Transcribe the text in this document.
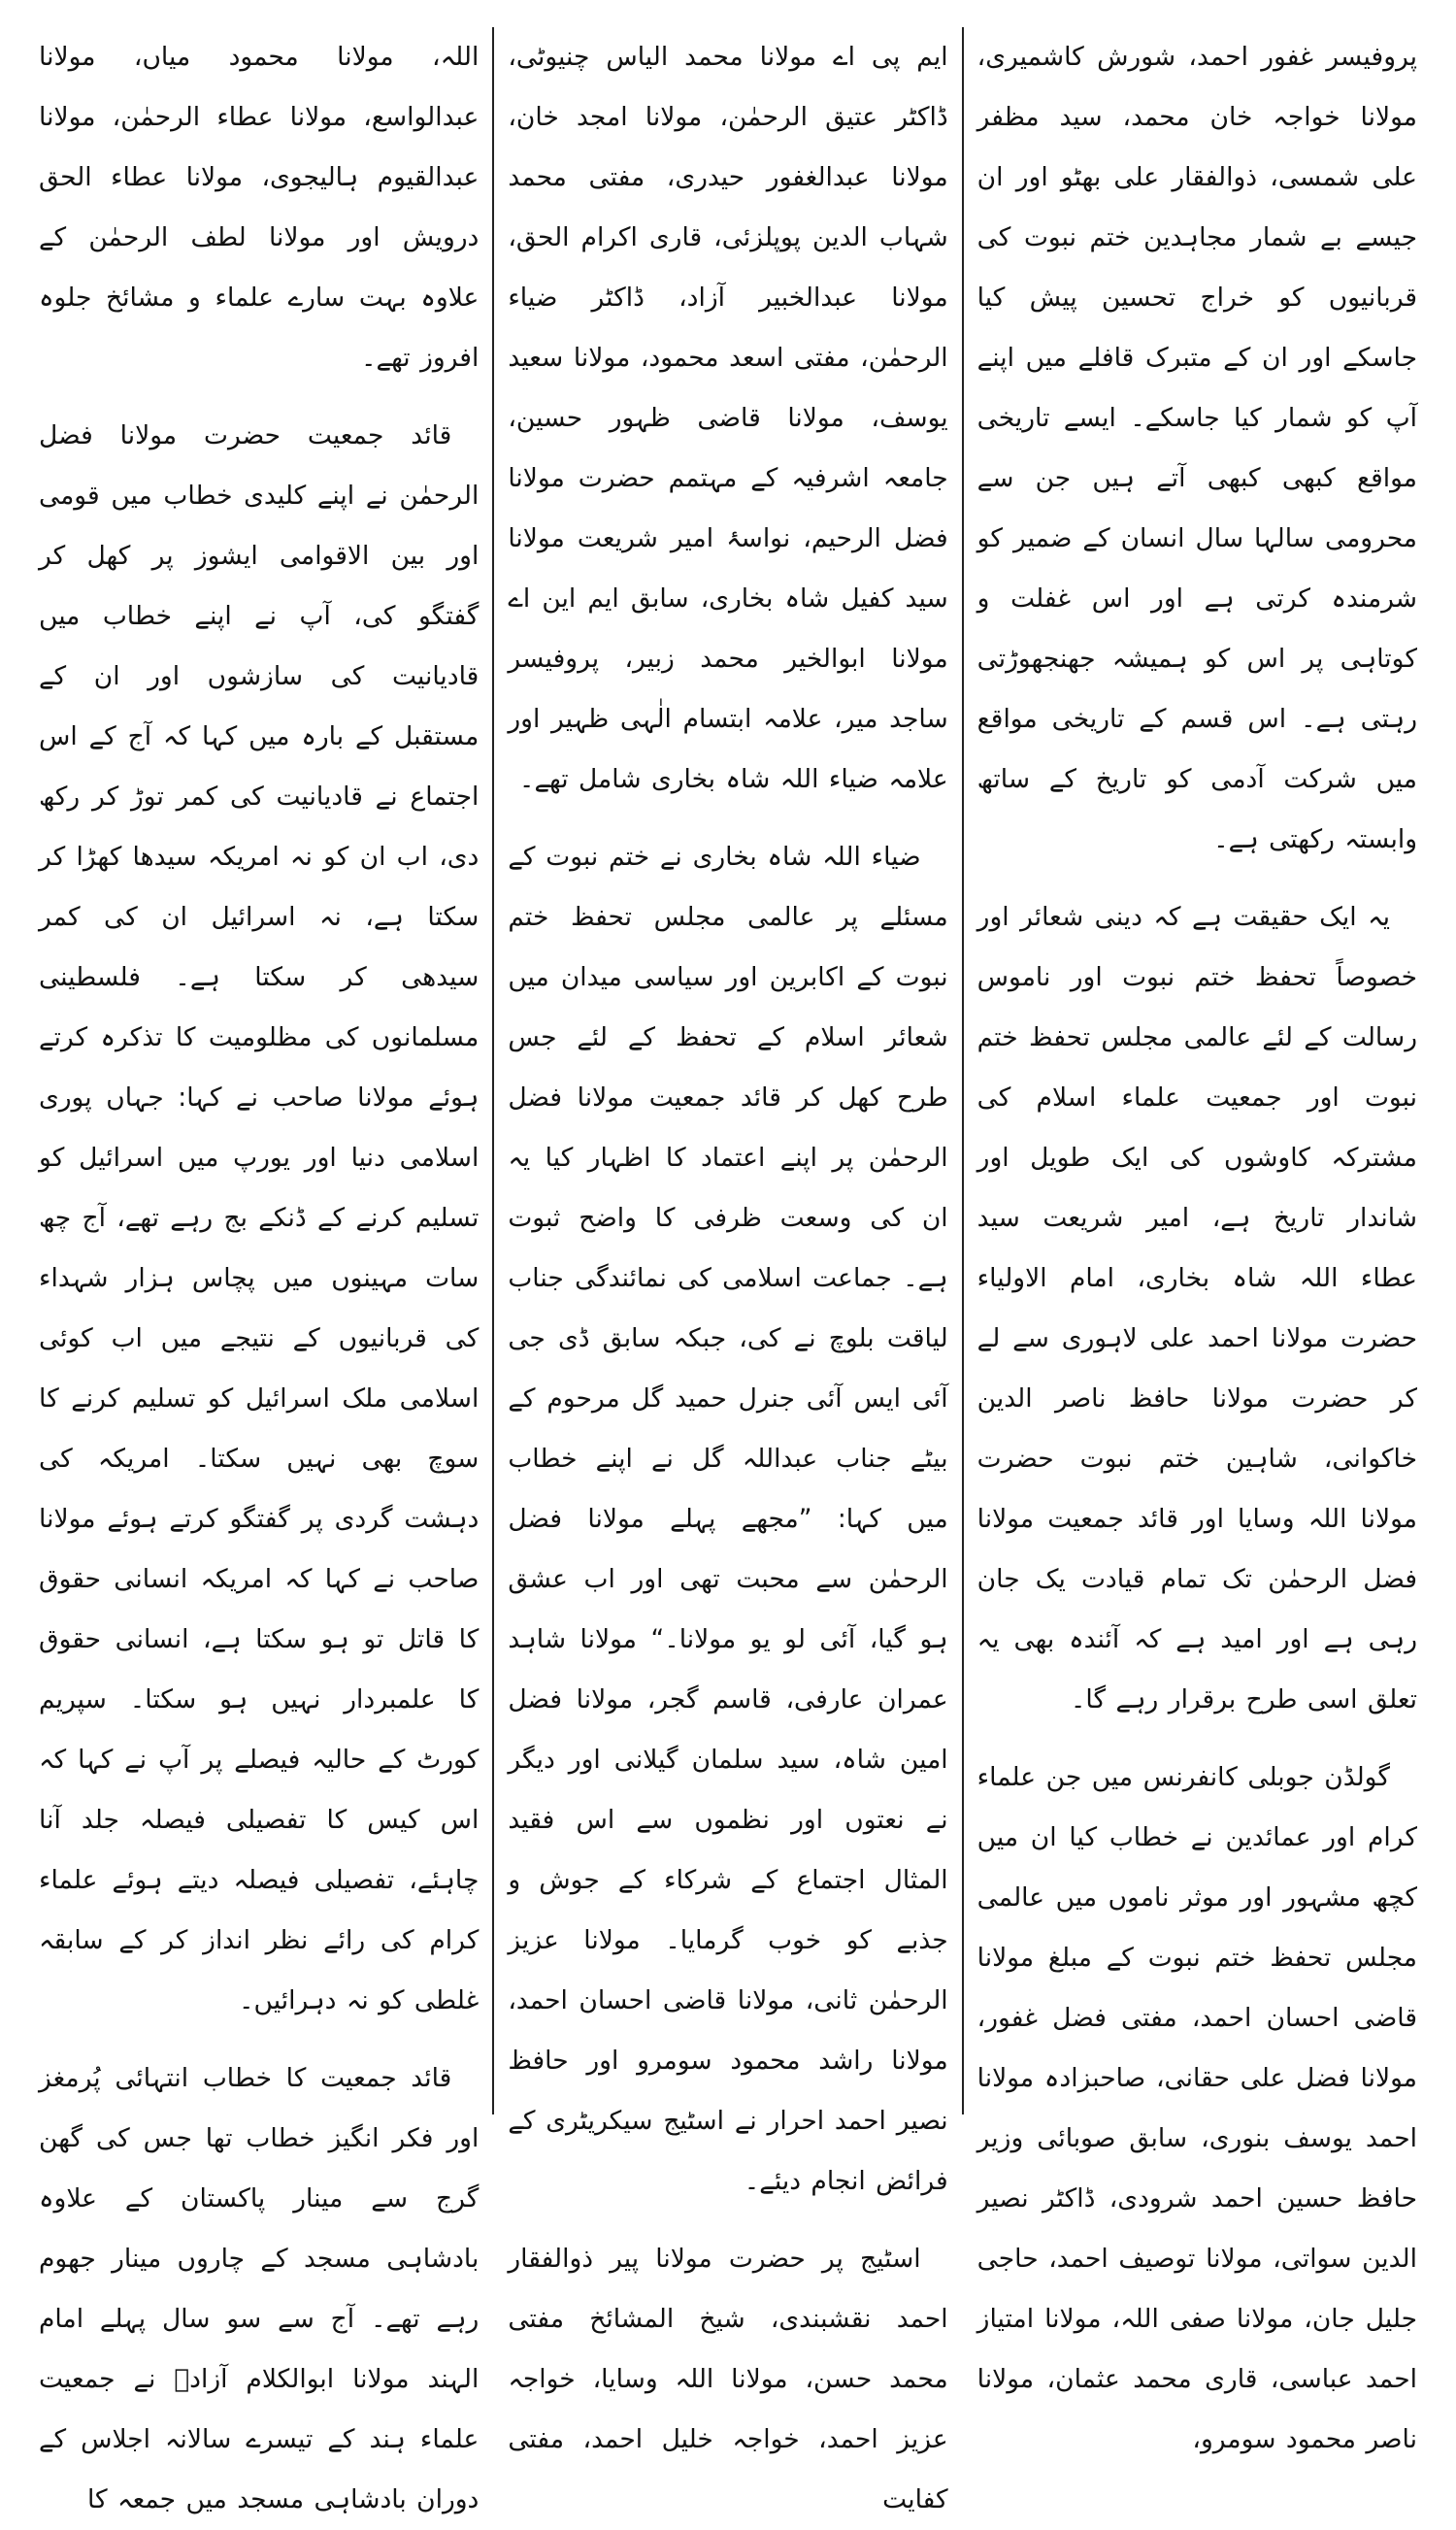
پروفیسر غفور احمد، شورش کاشمیری، مولانا خواجہ خان محمد، سید مظفر علی شمسی، ذوالفقار علی بھٹو اور ان جیسے بے شمار مجاہدین ختم نبوت کی قربانیوں کو خراج تحسین پیش کیا جاسکے اور ان کے متبرک قافلے میں اپنے آپ کو شمار کیا جاسکے۔ ایسے تاریخی مواقع کبھی کبھی آتے ہیں جن سے محرومی سالہا سال انسان کے ضمیر کو شرمندہ کرتی ہے اور اس غفلت و کوتاہی پر اس کو ہمیشہ جھنجھوڑتی رہتی ہے۔ اس قسم کے تاریخی مواقع میں شرکت آدمی کو تاریخ کے ساتھ وابستہ رکھتی ہے۔

یہ ایک حقیقت ہے کہ دینی شعائر اور خصوصاً تحفظ ختم نبوت اور ناموس رسالت کے لئے عالمی مجلس تحفظ ختم نبوت اور جمعیت علماء اسلام کی مشترکہ کاوشوں کی ایک طویل اور شاندار تاریخ ہے، امیر شریعت سید عطاء اللہ شاہ بخاری، امام الاولیاء حضرت مولانا احمد علی لاہوری سے لے کر حضرت مولانا حافظ ناصر الدین خاکوانی، شاہین ختم نبوت حضرت مولانا اللہ وسایا اور قائد جمعیت مولانا فضل الرحمٰن تک تمام قیادت یک جان رہی ہے اور امید ہے کہ آئندہ بھی یہ تعلق اسی طرح برقرار رہے گا۔

گولڈن جوبلی کانفرنس میں جن علماء کرام اور عمائدین نے خطاب کیا ان میں کچھ مشہور اور موثر ناموں میں عالمی مجلس تحفظ ختم نبوت کے مبلغ مولانا قاضی احسان احمد، مفتی فضل غفور، مولانا فضل علی حقانی، صاحبزادہ مولانا احمد یوسف بنوری، سابق صوبائی وزیر حافظ حسین احمد شرودی، ڈاکٹر نصیر الدین سواتی، مولانا توصیف احمد، حاجی جلیل جان، مولانا صفی اللہ، مولانا امتیاز احمد عباسی، قاری محمد عثمان، مولانا ناصر محمود سومرو،

ایم پی اے مولانا محمد الیاس چنیوٹی، ڈاکٹر عتیق الرحمٰن، مولانا امجد خان، مولانا عبدالغفور حیدری، مفتی محمد شہاب الدین پوپلزئی، قاری اکرام الحق، مولانا عبدالخبیر آزاد، ڈاکٹر ضیاء الرحمٰن، مفتی اسعد محمود، مولانا سعید یوسف، مولانا قاضی ظہور حسین، جامعہ اشرفیہ کے مہتمم حضرت مولانا فضل الرحیم، نواسۂ امیر شریعت مولانا سید کفیل شاہ بخاری، سابق ایم این اے مولانا ابوالخیر محمد زبیر، پروفیسر ساجد میر، علامہ ابتسام الٰہی ظہیر اور علامہ ضیاء اللہ شاہ بخاری شامل تھے۔

ضیاء اللہ شاہ بخاری نے ختم نبوت کے مسئلے پر عالمی مجلس تحفظ ختم نبوت کے اکابرین اور سیاسی میدان میں شعائر اسلام کے تحفظ کے لئے جس طرح کھل کر قائد جمعیت مولانا فضل الرحمٰن پر اپنے اعتماد کا اظہار کیا یہ ان کی وسعت ظرفی کا واضح ثبوت ہے۔ جماعت اسلامی کی نمائندگی جناب لیاقت بلوچ نے کی، جبکہ سابق ڈی جی آئی ایس آئی جنرل حمید گل مرحوم کے بیٹے جناب عبداللہ گل نے اپنے خطاب میں کہا: ”مجھے پہلے مولانا فضل الرحمٰن سے محبت تھی اور اب عشق ہو گیا، آئی لو یو مولانا۔“ مولانا شاہد عمران عارفی، قاسم گجر، مولانا فضل امین شاہ، سید سلمان گیلانی اور دیگر نے نعتوں اور نظموں سے اس فقید المثال اجتماع کے شرکاء کے جوش و جذبے کو خوب گرمایا۔ مولانا عزیز الرحمٰن ثانی، مولانا قاضی احسان احمد، مولانا راشد محمود سومرو اور حافظ نصیر احمد احرار نے اسٹیج سیکریٹری کے فرائض انجام دیئے۔

اسٹیج پر حضرت مولانا پیر ذوالفقار احمد نقشبندی، شیخ المشائخ مفتی محمد حسن، مولانا اللہ وسایا، خواجہ عزیز احمد، خواجہ خلیل احمد، مفتی کفایت

اللہ، مولانا محمود میاں، مولانا عبدالواسع، مولانا عطاء الرحمٰن، مولانا عبدالقیوم ہالیجوی، مولانا عطاء الحق درویش اور مولانا لطف الرحمٰن کے علاوہ بہت سارے علماء و مشائخ جلوہ افروز تھے۔

قائد جمعیت حضرت مولانا فضل الرحمٰن نے اپنے کلیدی خطاب میں قومی اور بین الاقوامی ایشوز پر کھل کر گفتگو کی، آپ نے اپنے خطاب میں قادیانیت کی سازشوں اور ان کے مستقبل کے بارہ میں کہا کہ آج کے اس اجتماع نے قادیانیت کی کمر توڑ کر رکھ دی، اب ان کو نہ امریکہ سیدھا کھڑا کر سکتا ہے، نہ اسرائیل ان کی کمر سیدھی کر سکتا ہے۔ فلسطینی مسلمانوں کی مظلومیت کا تذکرہ کرتے ہوئے مولانا صاحب نے کہا: جہاں پوری اسلامی دنیا اور یورپ میں اسرائیل کو تسلیم کرنے کے ڈنکے بج رہے تھے، آج چھ سات مہینوں میں پچاس ہزار شہداء کی قربانیوں کے نتیجے میں اب کوئی اسلامی ملک اسرائیل کو تسلیم کرنے کا سوچ بھی نہیں سکتا۔ امریکہ کی دہشت گردی پر گفتگو کرتے ہوئے مولانا صاحب نے کہا کہ امریکہ انسانی حقوق کا قاتل تو ہو سکتا ہے، انسانی حقوق کا علمبردار نہیں ہو سکتا۔ سپریم کورٹ کے حالیہ فیصلے پر آپ نے کہا کہ اس کیس کا تفصیلی فیصلہ جلد آنا چاہئے، تفصیلی فیصلہ دیتے ہوئے علماء کرام کی رائے نظر انداز کر کے سابقہ غلطی کو نہ دہرائیں۔

قائد جمعیت کا خطاب انتہائی پُرمغز اور فکر انگیز خطاب تھا جس کی گھن گرج سے مینار پاکستان کے علاوہ بادشاہی مسجد کے چاروں مینار جھوم رہے تھے۔ آج سے سو سال پہلے امام الہند مولانا ابوالکلام آزادؒ نے جمعیت علماء ہند کے تیسرے سالانہ اجلاس کے دوران بادشاہی مسجد میں جمعہ کا
